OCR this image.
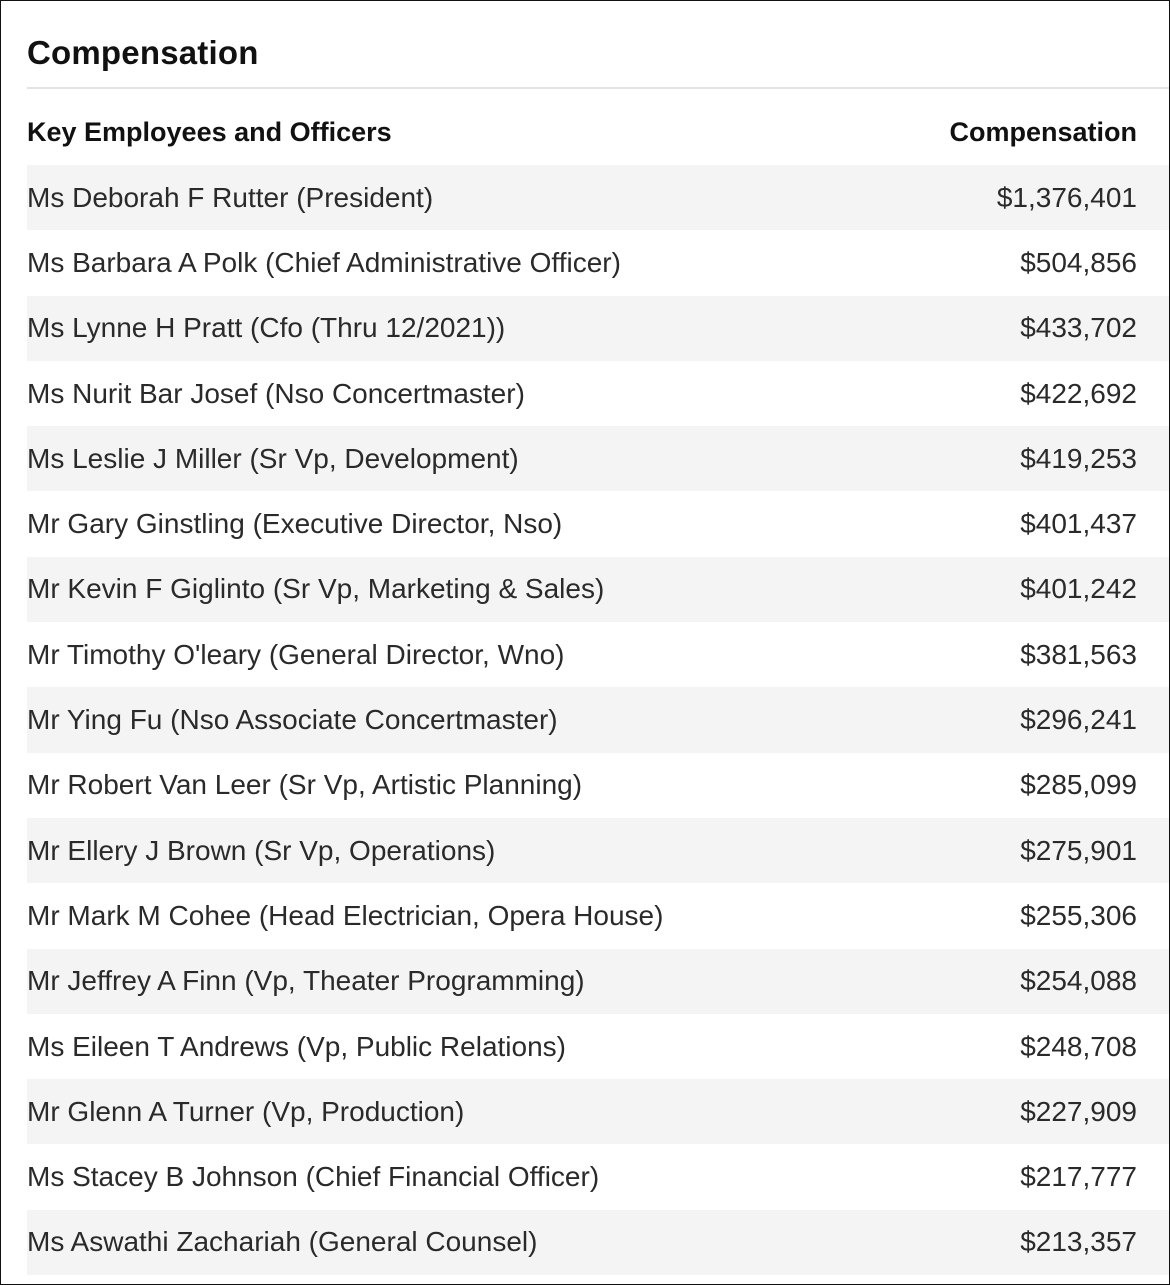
Compensation
Key Employees and Officers	Compensation
Ms Deborah F Rutter (President)	$1,376,401
Ms Barbara A Polk (Chief Administrative Officer)	$504,856
Ms Lynne H Pratt (Cfo (Thru 12/2021))	$433,702
Ms Nurit Bar Josef (Nso Concertmaster)	$422,692
Ms Leslie J Miller (Sr Vp, Development)	$419,253
Mr Gary Ginstling (Executive Director, Nso)	$401,437
Mr Kevin F Giglinto (Sr Vp, Marketing & Sales)	$401,242
Mr Timothy O'leary (General Director, Wno)	$381,563
Mr Ying Fu (Nso Associate Concertmaster)	$296,241
Mr Robert Van Leer (Sr Vp, Artistic Planning)	$285,099
Mr Ellery J Brown (Sr Vp, Operations)	$275,901
Mr Mark M Cohee (Head Electrician, Opera House)	$255,306
Mr Jeffrey A Finn (Vp, Theater Programming)	$254,088
Ms Eileen T Andrews (Vp, Public Relations)	$248,708
Mr Glenn A Turner (Vp, Production)	$227,909
Ms Stacey B Johnson (Chief Financial Officer)	$217,777
Ms Aswathi Zachariah (General Counsel)	$213,357
